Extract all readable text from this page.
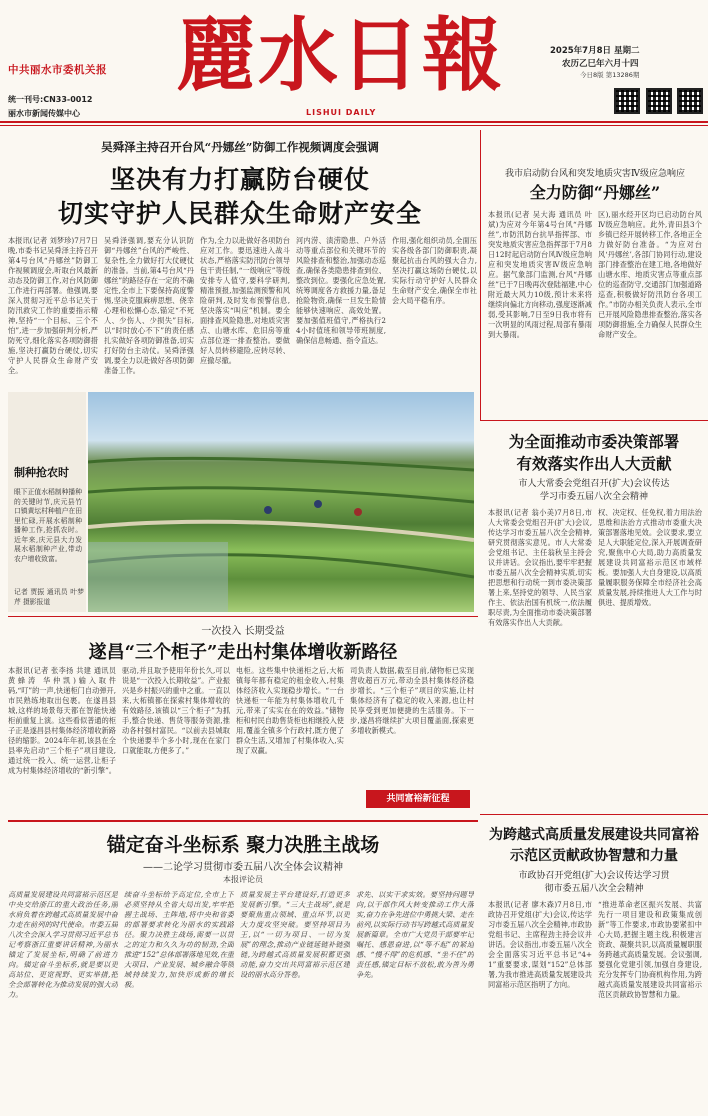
中共丽水市委机关报
统一刊号:CN33-0012
丽水市新闻传媒中心
麗水日報
LISHUI DAILY
2025年7月8日 星期二
农历乙巳年六月十四
今日8版 第13286期
吴舜泽主持召开台风“丹娜丝”防御工作视频调度会强调
坚决有力打赢防台硬仗
切实守护人民群众生命财产安全
本报讯(记者 刘梦珍)7月7日晚,市委书记吴舜泽主持召开第4号台风“丹娜丝”防御工作视频调度会,听取台风最新动态及防御工作,对台风防御工作进行再部署。他强调,要深入贯彻习近平总书记关于防汛救灾工作的重要指示精神,坚持“一个目标、三个不怕”,进一步加强研判分析,严防死守,细化落实各项防御措施,坚决打赢防台硬仗,切实守护人民群众生命财产安全。
吴舜泽强调,要充分认识防御“丹娜丝”台风的严峻性、复杂性,全力做好打大仗硬仗的准备。当前,第4号台风“丹娜丝”的路径存在一定的不确定性,全市上下要保持高度警惕,坚决克服麻痹思想、侥幸心理和松懈心态,锚定“不死人、少伤人、少损失”目标,以“时时放心不下”的责任感扎实做好各项防御准备,切实打好防台主动仗。吴舜泽强调,要全力以赴做好各项防御准备工作。
作为,全力以赴做好各项防台应对工作。要迅速进入战斗状态,严格落实防汛防台领导包干责任制,“一级响应”等级安排专人值守,要科学研判,精准预报,加强监测预警和风险研判,及时发布预警信息,坚决落实“叫应”机制。要全面排查风险隐患,对地质灾害点、山塘水库、危旧房等重点部位逐一排查整治。要做好人员转移避险,应转尽转、应撤尽撤。
河内涝、渍涝隐患、户外活动等重点部位和关键环节的风险排查和整治,加强动态巡查,确保各类隐患排查到位、整改到位。要强化应急处置,统筹调度各方救援力量,备足抢险物资,确保一旦发生险情能够快速响应、高效处置。要加强值班值守,严格执行24小时值班和领导带班制度,确保信息畅通、指令直达。
作用,强化组织动员,全面压实各级各部门防御职责,凝聚起抗击台风的强大合力,坚决打赢这场防台硬仗,以实际行动守护好人民群众生命财产安全,确保全市社会大局平稳有序。
我市启动防台风和突发地质灾害Ⅳ级应急响应
全力防御“丹娜丝”
本报讯(记者 吴大海 通讯员 叶斌)为应对今年第4号台风“丹娜丝”,市防汛防台抗旱指挥部、市突发地质灾害应急指挥部于7月8日12时起启动防台风Ⅳ级应急响应和突发地质灾害Ⅳ级应急响应。据气象部门监测,台风“丹娜丝”已于7日晚再次登陆福建,中心附近最大风力10级,预计未来将继续向偏北方向移动,强度逐渐减弱,受其影响,7日至9日我市将有一次明显的风雨过程,局部有暴雨到大暴雨。
区),丽水经开区均已启动防台风Ⅳ级应急响应。此外,青田县3个乡镇已经开展转移工作,各地正全力做好防台准备。“为应对台风‘丹娜丝’,各部门协同行动,建设部门排查整治在建工地,各地做好山塘水库、地质灾害点等重点部位的巡查防守,交通部门加强道路巡查,积极做好防汛防台各项工作。”市防办相关负责人表示,全市已开展风险隐患排查整治,落实各项防御措施,全力确保人民群众生命财产安全。
制种抢农时
眼下正值水稻制种播种的关键时节,庆元县竹口镇黄坛村种植户在田里忙碌,开展水稻制种播种工作,抢抓农时。近年来,庆元县大力发展水稻制种产业,带动农户增收致富。
记者 贾振 通讯员 叶梦芹 摄影报道
为全面推动市委决策部署
有效落实作出人大贡献
市人大常委会党组召开(扩大)会议传达
学习市委五届八次全会精神
本报讯(记者 翁小美)7月8日,市人大常委会党组召开(扩大)会议,传达学习市委五届八次全会精神,研究贯彻落实意见。市人大常委会党组书记、主任翁秋呈主持会议并讲话。会议指出,要牢牢把握市委五届八次全会精神实质,切实把思想和行动统一到市委决策部署上来,坚持党的领导、人民当家作主、依法治国有机统一,依法履职尽责,为全面推动市委决策部署有效落实作出人大贡献。
权、决定权、任免权,着力用法治思维和法治方式推动市委重大决策部署落地见效。会议要求,要立足人大职能定位,深入开展调查研究,聚焦中心大局,助力高质量发展建设共同富裕示范区市域样板。要加强人大自身建设,以高质量履职服务保障全市经济社会高质量发展,持续推进人大工作与时俱进、提质增效。
一次投入 长期受益
遂昌“三个柜子”走出村集体增收新路径
本报讯(记者 张李扬 共建 通讯员 黄蜂涛 华仲凯)输入取件码,“叮”的一声,快递柜门自动弹开,市民熟练地取出包裹。在遂昌县城,这样的场景每天都在智能快递柜前重复上演。这些看似普通的柜子正是遂昌县村集体经济增收新路径的缩影。2024年年初,该县在全县率先启动“三个柜子”项目建设,通过统一投入、统一运营,让柜子成为村集体经济增收的“新引擎”。
驱动,并且取予使用年份长久,可以说是“一次投入长期收益”。产业振兴是乡村振兴的重中之重。一直以来,大柘镇都在探索村集体增收的有效路径,该镇以“三个柜子”为抓手,整合快递、售货等服务资源,推动各村强村富民。“以前去县城取个快递要半个多小时,现在在家门口就能取,方便多了。”
电柜。这些集中快递柜之后,大柘镇每年都有稳定的租金收入,村集体经济收入实现稳步增长。“一台快递柜一年能为村集体增收几千元,带来了实实在在的效益。”储物柜和村民自助售货柜也相继投入使用,覆盖全镇多个行政村,既方便了群众生活,又增加了村集体收入,实现了双赢。
司负责人数据,截至目前,储物柜已实现营收超百万元,带动全县村集体经济稳步增长。“三个柜子”项目的实施,让村集体经济有了稳定的收入来源,也让村民享受到更加便捷的生活服务。下一步,遂昌将继续扩大项目覆盖面,探索更多增收新模式。
共同富裕新征程
为跨越式高质量发展建设共同富裕
示范区贡献政协智慧和力量
市政协召开党组(扩大)会议传达学习贯
彻市委五届八次全会精神
本报讯(记者 廖木森)7月8日,市政协召开党组(扩大)会议,传达学习市委五届八次全会精神,市政协党组书记、主席程劲主持会议并讲话。会议指出,市委五届八次全会全面落实习近平总书记“4+1”重要要求,谋划“152”总体部署,为我市推进高质量发展建设共同富裕示范区指明了方向。
“推进革命老区振兴发展、共富先行一项目建设和政策集成创新”等工作要求,市政协要紧扣中心大局,把握主题主线,积极建言资政、凝聚共识,以高质量履职服务跨越式高质量发展。会议强调,要强化党建引领,加强自身建设,充分发挥专门协商机构作用,为跨越式高质量发展建设共同富裕示范区贡献政协智慧和力量。
锚定奋斗坐标系 聚力决胜主战场
——二论学习贯彻市委五届八次全体会议精神
本报评论员
高质量发展建设共同富裕示范区是中央交给浙江的重大政治任务,丽水肩负着在跨越式高质量发展中奋力走在前列的时代使命。市委五届八次全会深入学习贯彻习近平总书记考察浙江重要讲话精神,为丽水锚定了发展坐标,明确了前进方向。锚定奋斗坐标系,就是要以更高站位、更宽视野、更实举措,把全会部署转化为推动发展的强大动力。
续奋斗坐标给予高定位,全市上下必须坚持从全省大局出发,牢牢把握主战场、主阵地,将中央和省委的部署要求转化为丽水的实践路径。聚力决胜主战场,需要一以贯之的定力和久久为功的韧劲,全面推进“152”总体部署落地见效,在重大项目、产业发展、城乡融合等领域持续发力,加快形成新的增长极。
质量发展主平台建设好,打造更多发展新引擎。“三大主战场”,就是要聚焦重点领域、重点环节,以更大力度攻坚突破。要坚持项目为王,以“一切为项目、一切为发展”的理念,推动产业链延链补链强链,为跨越式高质量发展积蓄更强动能,奋力交出共同富裕示范区建设的丽水高分答卷。
求先、以实干求实效。要坚持问题导向,以干部作风大转变推动工作大落实,奋力在争先进位中勇挑大梁、走在前列,以实际行动书写跨越式高质量发展新篇章。全市广大党员干部要牢记嘱托、感恩奋进,以“等不起”的紧迫感、“慢不得”的危机感、“坐不住”的责任感,锚定目标不放松,敢为善为勇争先。
